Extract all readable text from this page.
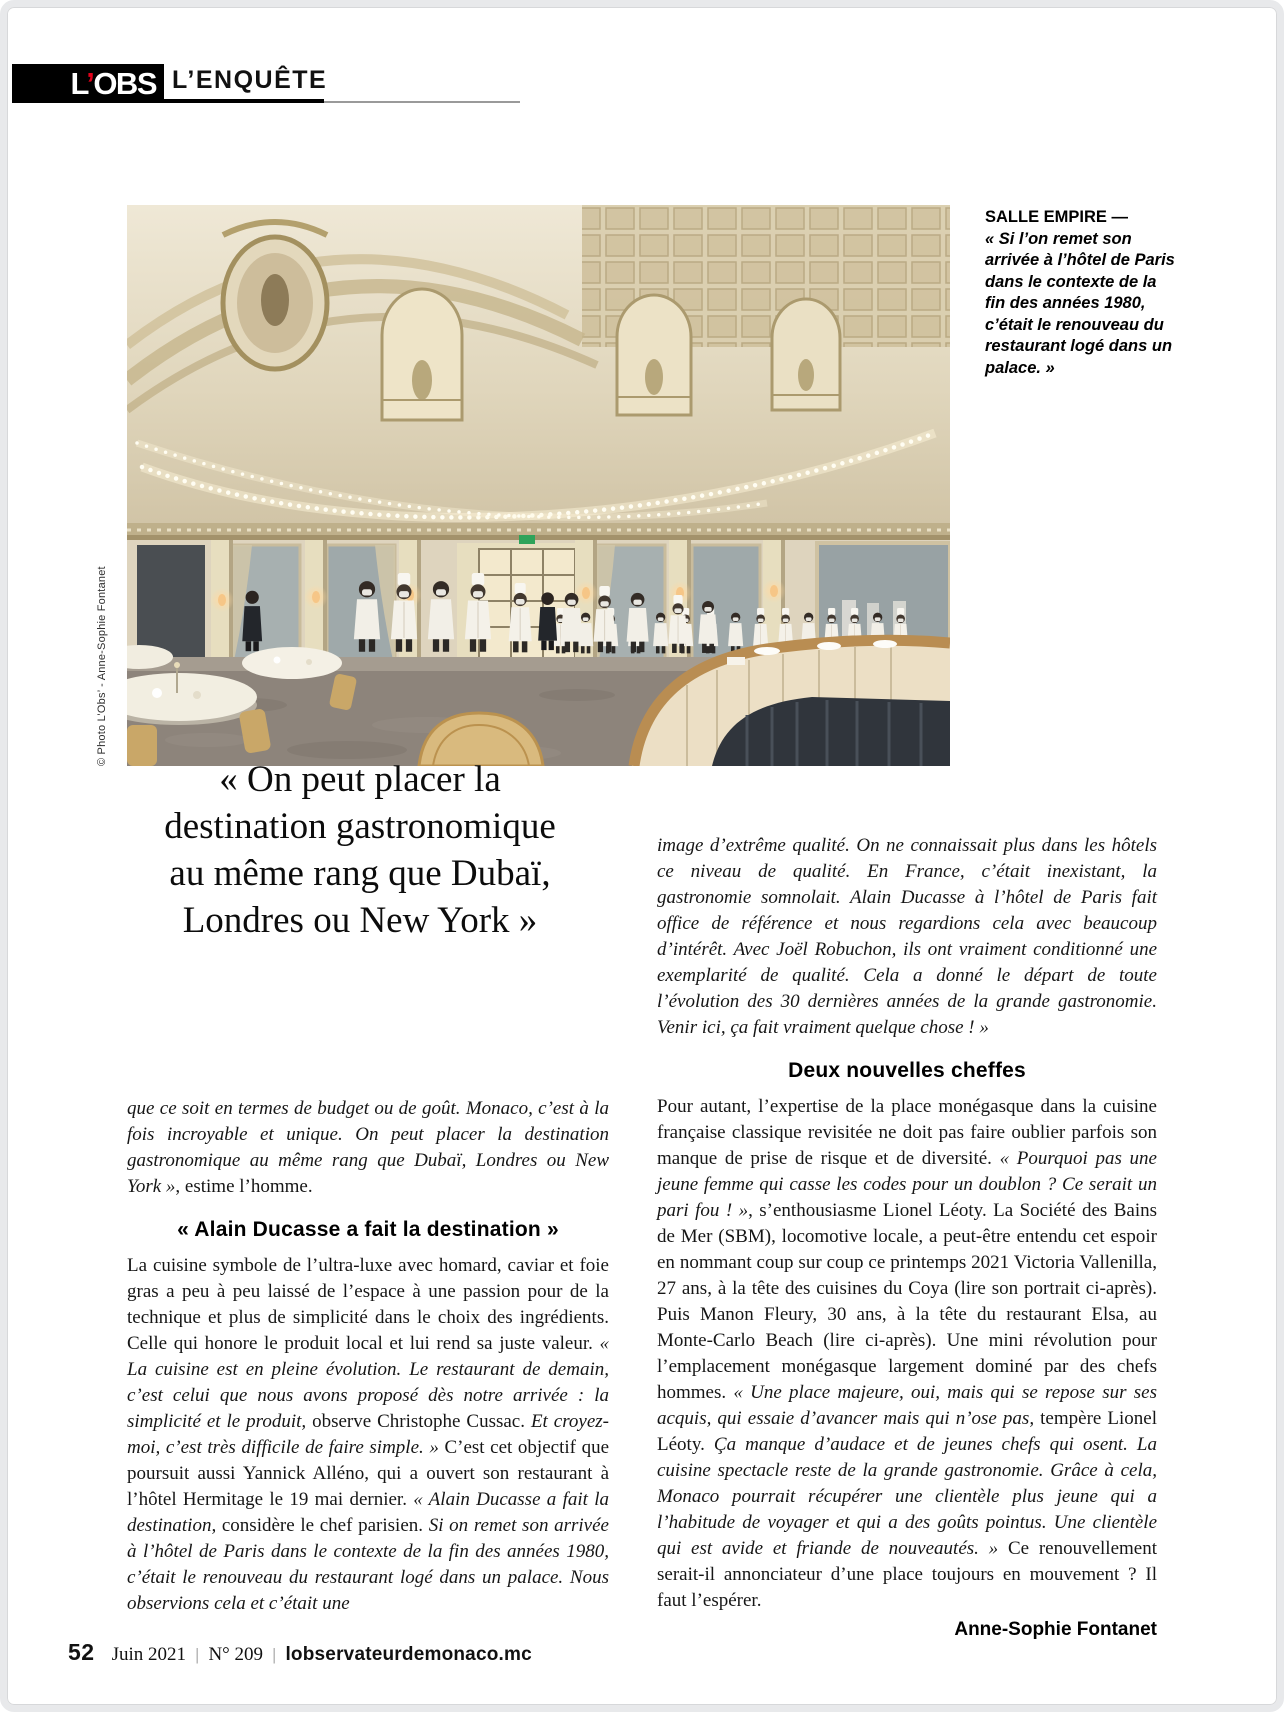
L’OBS L’ENQUÊTE
© Photo L’Obs’ - Anne-Sophie Fontanet
SALLE EMPIRE —
« Si l’on remet son arrivée à l’hôtel de Paris dans le contexte de la fin des années 1980, c’était le renouveau du restaurant logé dans un palace. »
« On peut placer la
destination gastronomique
au même rang que Dubaï,
Londres ou New York »

que ce soit en termes de budget ou de goût. Monaco, c’est à la fois incroyable et unique. On peut placer la destination gastronomique au même rang que Dubaï, Londres ou New York », estime l’homme.

« Alain Ducasse a fait la destination »

La cuisine symbole de l’ultra-luxe avec homard, caviar et foie gras a peu à peu laissé de l’espace à une passion pour de la technique et plus de simplicité dans le choix des ingrédients. Celle qui honore le produit local et lui rend sa juste valeur. « La cuisine est en pleine évolution. Le restaurant de demain, c’est celui que nous avons proposé dès notre arrivée : la simplicité et le produit, observe Christophe Cussac. Et croyez-moi, c’est très difficile de faire simple. » C’est cet objectif que poursuit aussi Yannick Alléno, qui a ouvert son restaurant à l’hôtel Hermitage le 19 mai dernier. « Alain Ducasse a fait la destination, considère le chef parisien. Si on remet son arrivée à l’hôtel de Paris dans le contexte de la fin des années 1980, c’était le renouveau du restaurant logé dans un palace. Nous observions cela et c’était une

image d’extrême qualité. On ne connaissait plus dans les hôtels ce niveau de qualité. En France, c’était inexistant, la gastronomie somnolait. Alain Ducasse à l’hôtel de Paris fait office de référence et nous regardions cela avec beaucoup d’intérêt. Avec Joël Robuchon, ils ont vraiment conditionné une exemplarité de qualité. Cela a donné le départ de toute l’évolution des 30 dernières années de la grande gastronomie. Venir ici, ça fait vraiment quelque chose ! »

Deux nouvelles cheffes

Pour autant, l’expertise de la place monégasque dans la cuisine française classique revisitée ne doit pas faire oublier parfois son manque de prise de risque et de diversité. « Pourquoi pas une jeune femme qui casse les codes pour un doublon ? Ce serait un pari fou ! », s’enthousiasme Lionel Léoty. La Société des Bains de Mer (SBM), locomotive locale, a peut-être entendu cet espoir en nommant coup sur coup ce printemps 2021 Victoria Vallenilla, 27 ans, à la tête des cuisines du Coya (lire son portrait ci-après). Puis Manon Fleury, 30 ans, à la tête du restaurant Elsa, au Monte-Carlo Beach (lire ci-après). Une mini révolution pour l’emplacement monégasque largement dominé par des chefs hommes. « Une place majeure, oui, mais qui se repose sur ses acquis, qui essaie d’avancer mais qui n’ose pas, tempère Lionel Léoty. Ça manque d’audace et de jeunes chefs qui osent. La cuisine spectacle reste de la grande gastronomie. Grâce à cela, Monaco pourrait récupérer une clientèle plus jeune qui a l’habitude de voyager et qui a des goûts pointus. Une clientèle qui est avide et friande de nouveautés. » Ce renouvellement serait-il annonciateur d’une place toujours en mouvement ? Il faut l’espérer.

Anne-Sophie Fontanet
52 Juin 2021 | N° 209 | lobservateurdemonaco.mc
